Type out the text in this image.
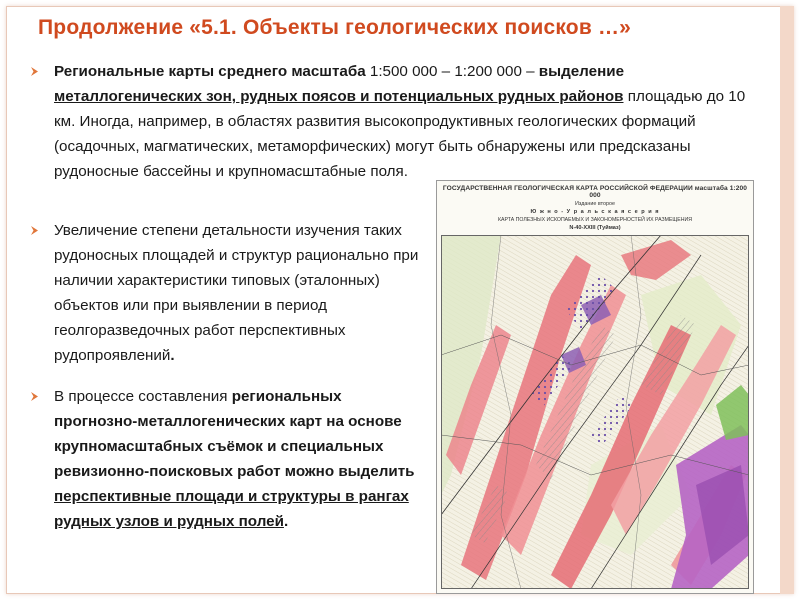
Продолжение «5.1. Объекты геологических поисков …»
Региональные карты среднего масштаба 1:500 000 – 1:200 000 – выделение металлогенических зон, рудных поясов и потенциальных рудных районов площадью до 10 км. Иногда, например, в областях развития высокопродуктивных геологических формаций (осадочных, магматических, метаморфических) могут быть обнаружены или предсказаны рудоносные бассейны и крупномасштабные поля.
Увеличение степени детальности изучения таких рудоносных площадей и структур рационально при наличии характеристики типовых (эталонных) объектов или при выявлении в период геолгоразведочных работ перспективных рудопроявлений.
В процессе составления региональных прогнозно-металлогенических карт на основе крупномасштабных съёмок и специальных ревизионно-поисковых работ можно выделить перспективные площади и структуры в рангах рудных узлов и рудных полей.
ГОСУДАРСТВЕННАЯ ГЕОЛОГИЧЕСКАЯ КАРТА РОССИЙСКОЙ ФЕДЕРАЦИИ масштаба 1:200 000
Издание второе
Ю ж н о - У р а л ь с к а я с е р и я
КАРТА ПОЛЕЗНЫХ ИСКОПАЕМЫХ И ЗАКОНОМЕРНОСТЕЙ ИХ РАЗМЕЩЕНИЯ
N-40-XXIII (Туймаз)
